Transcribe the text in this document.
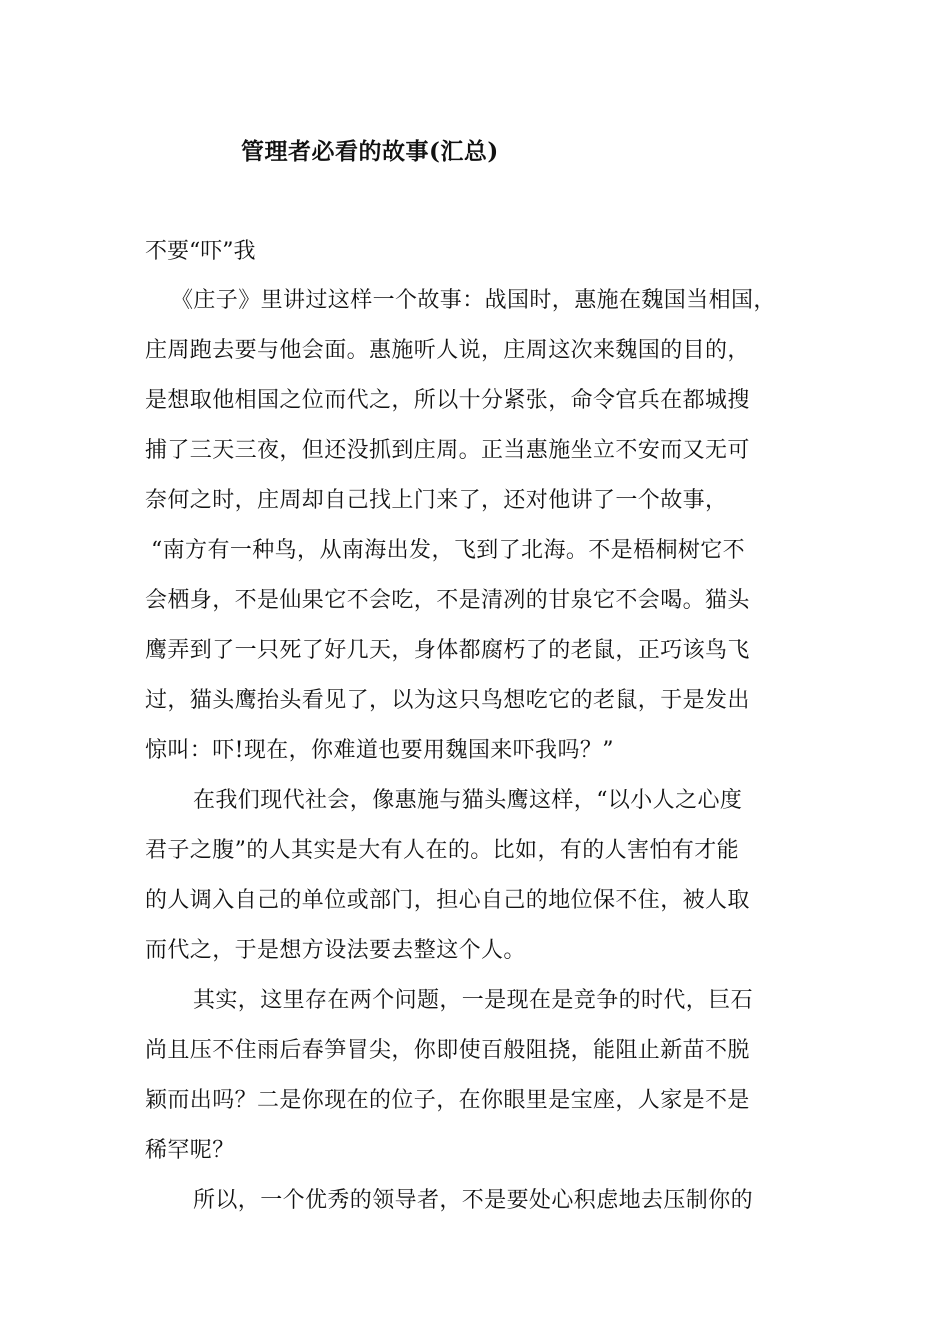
管理者必看的故事(汇总)
不要“吓”我
《庄子》里讲过这样一个故事：战国时，惠施在魏国当相国，
庄周跑去要与他会面。惠施听人说，庄周这次来魏国的目的，
是想取他相国之位而代之，所以十分紧张，命令官兵在都城搜
捕了三天三夜，但还没抓到庄周。正当惠施坐立不安而又无可
奈何之时，庄周却自己找上门来了，还对他讲了一个故事，
“南方有一种鸟，从南海出发，飞到了北海。不是梧桐树它不
会栖身，不是仙果它不会吃，不是清冽的甘泉它不会喝。猫头
鹰弄到了一只死了好几天，身体都腐朽了的老鼠，正巧该鸟飞
过，猫头鹰抬头看见了，以为这只鸟想吃它的老鼠，于是发出
惊叫：吓!现在，你难道也要用魏国来吓我吗？”
在我们现代社会，像惠施与猫头鹰这样，“以小人之心度
君子之腹”的人其实是大有人在的。比如，有的人害怕有才能
的人调入自己的单位或部门，担心自己的地位保不住，被人取
而代之，于是想方设法要去整这个人。
其实，这里存在两个问题，一是现在是竞争的时代，巨石
尚且压不住雨后春笋冒尖，你即使百般阻挠，能阻止新苗不脱
颖而出吗？二是你现在的位子，在你眼里是宝座，人家是不是
稀罕呢？
所以，一个优秀的领导者，不是要处心积虑地去压制你的
